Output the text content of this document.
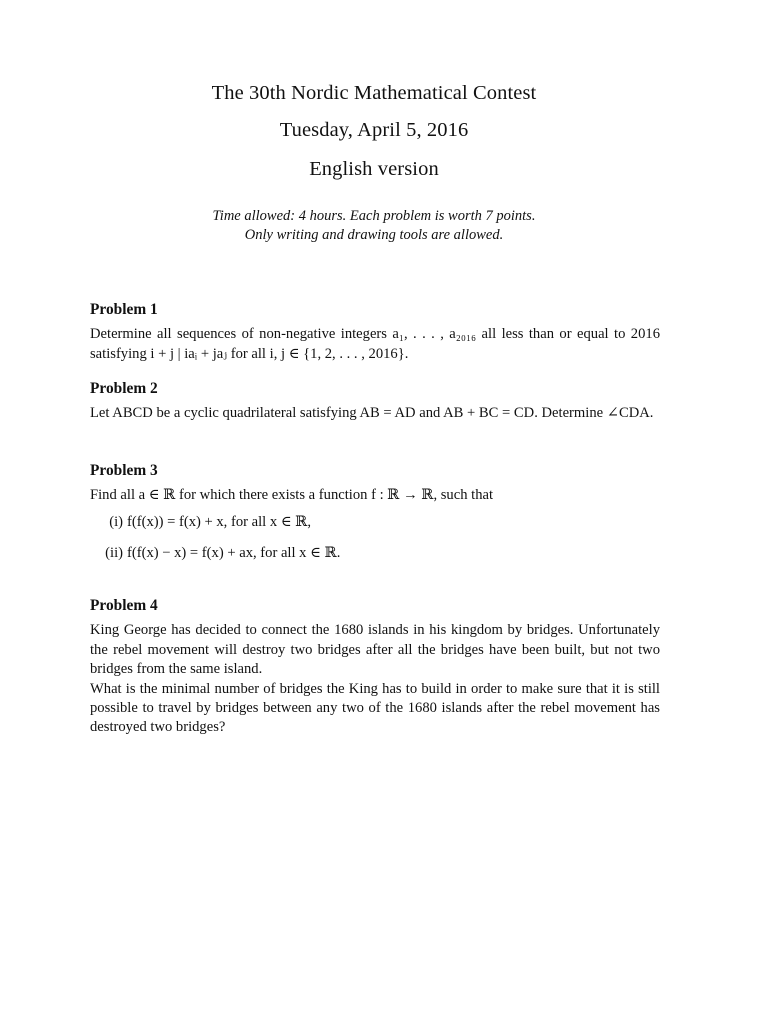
The 30th Nordic Mathematical Contest
Tuesday, April 5, 2016
English version
Time allowed: 4 hours. Each problem is worth 7 points.
Only writing and drawing tools are allowed.
Problem 1

Determine all sequences of non-negative integers a₁, . . . , a₂₀₁₆ all less than or equal to 2016 satisfying i + j | iaᵢ + jaⱼ for all i, j ∈ {1, 2, . . . , 2016}.

Problem 2

Let ABCD be a cyclic quadrilateral satisfying AB = AD and AB + BC = CD. Determine ∠CDA.

Problem 3

Find all a ∈ ℝ for which there exists a function f : ℝ → ℝ, such that

(i) f(f(x)) = f(x) + x, for all x ∈ ℝ,
(ii) f(f(x) − x) = f(x) + ax, for all x ∈ ℝ.
Problem 4

King George has decided to connect the 1680 islands in his kingdom by bridges. Unfortunately the rebel movement will destroy two bridges after all the bridges have been built, but not two bridges from the same island.

What is the minimal number of bridges the King has to build in order to make sure that it is still possible to travel by bridges between any two of the 1680 islands after the rebel movement has destroyed two bridges?
